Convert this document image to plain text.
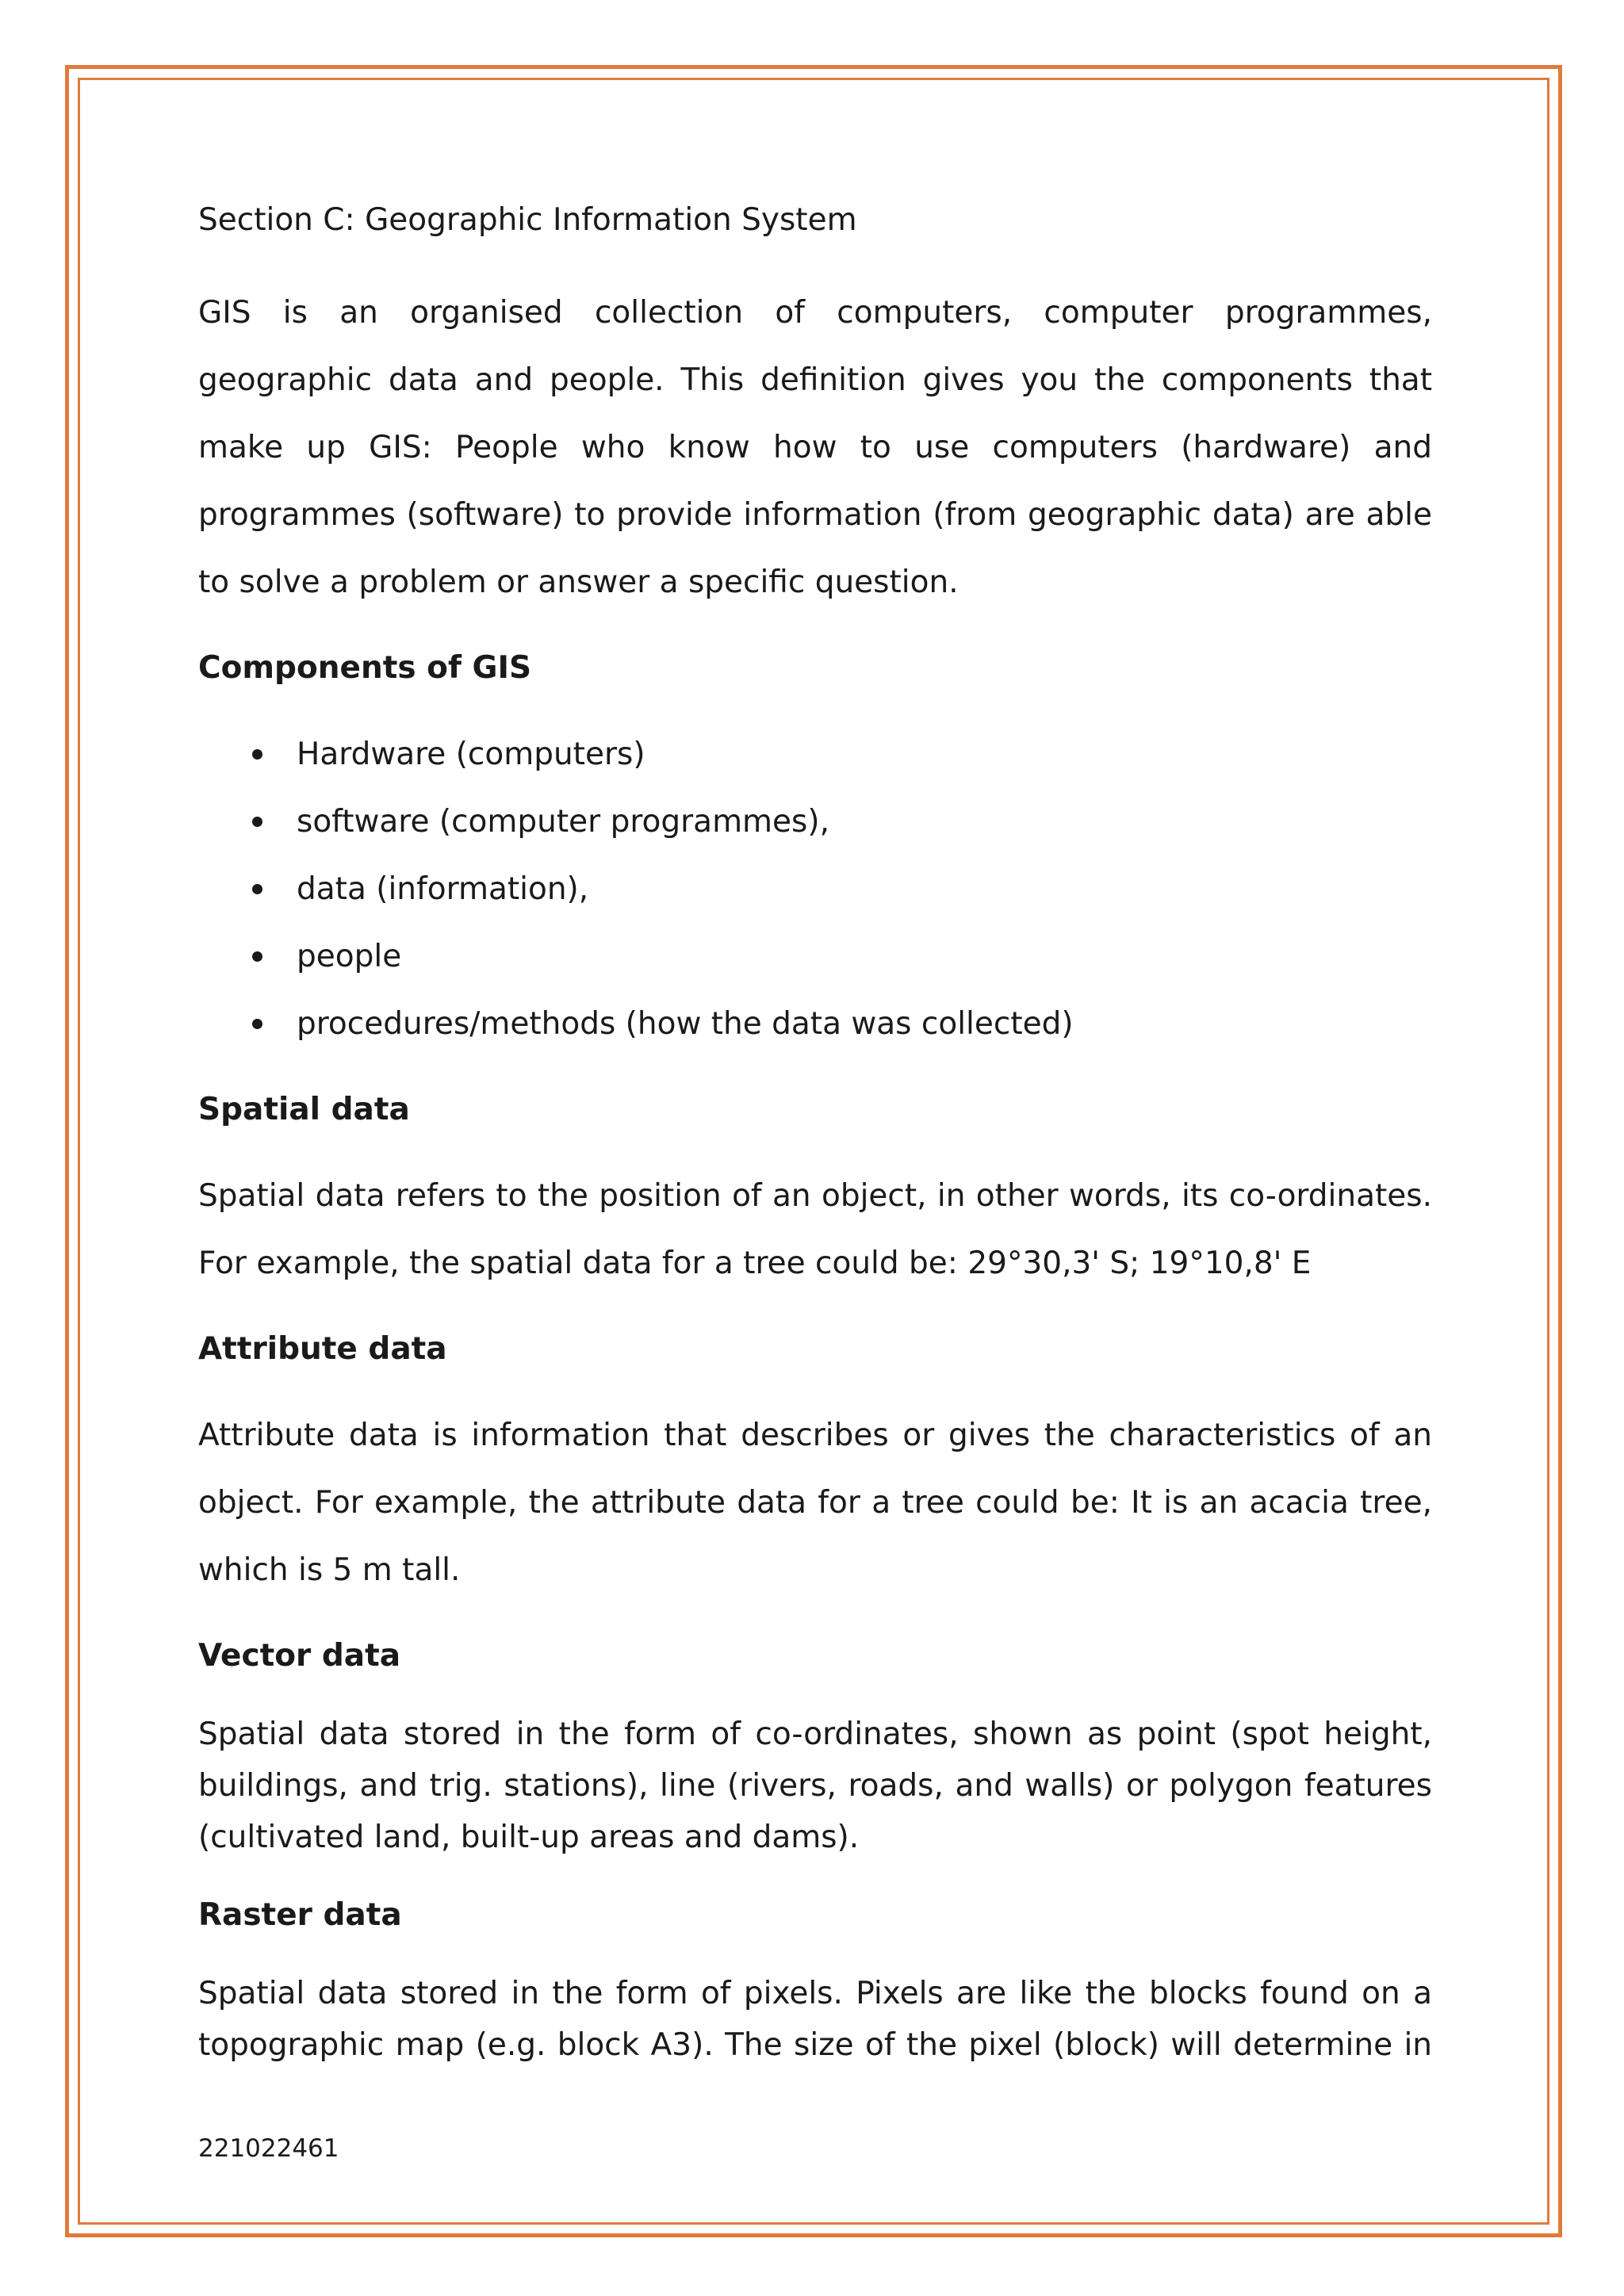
Section C: Geographic Information System

GIS is an organised collection of computers, computer programmes, geographic data and people. This definition gives you the components that make up GIS: People who know how to use computers (hardware) and programmes (software) to provide information (from geographic data) are able to solve a problem or answer a specific question.

Components of GIS
Hardware (computers)
software (computer programmes),
data (information),
people
procedures/methods (how the data was collected)
Spatial data

Spatial data refers to the position of an object, in other words, its co-ordinates. For example, the spatial data for a tree could be: 29°30,3' S; 19°10,8' E

Attribute data

Attribute data is information that describes or gives the characteristics of an object. For example, the attribute data for a tree could be: It is an acacia tree, which is 5 m tall.

Vector data

Spatial data stored in the form of co-ordinates, shown as point (spot height, buildings, and trig. stations), line (rivers, roads, and walls) or polygon features (cultivated land, built-up areas and dams).

Raster data

Spatial data stored in the form of pixels. Pixels are like the blocks found on a topographic map (e.g. block A3). The size of the pixel (block) will determine in

221022461
